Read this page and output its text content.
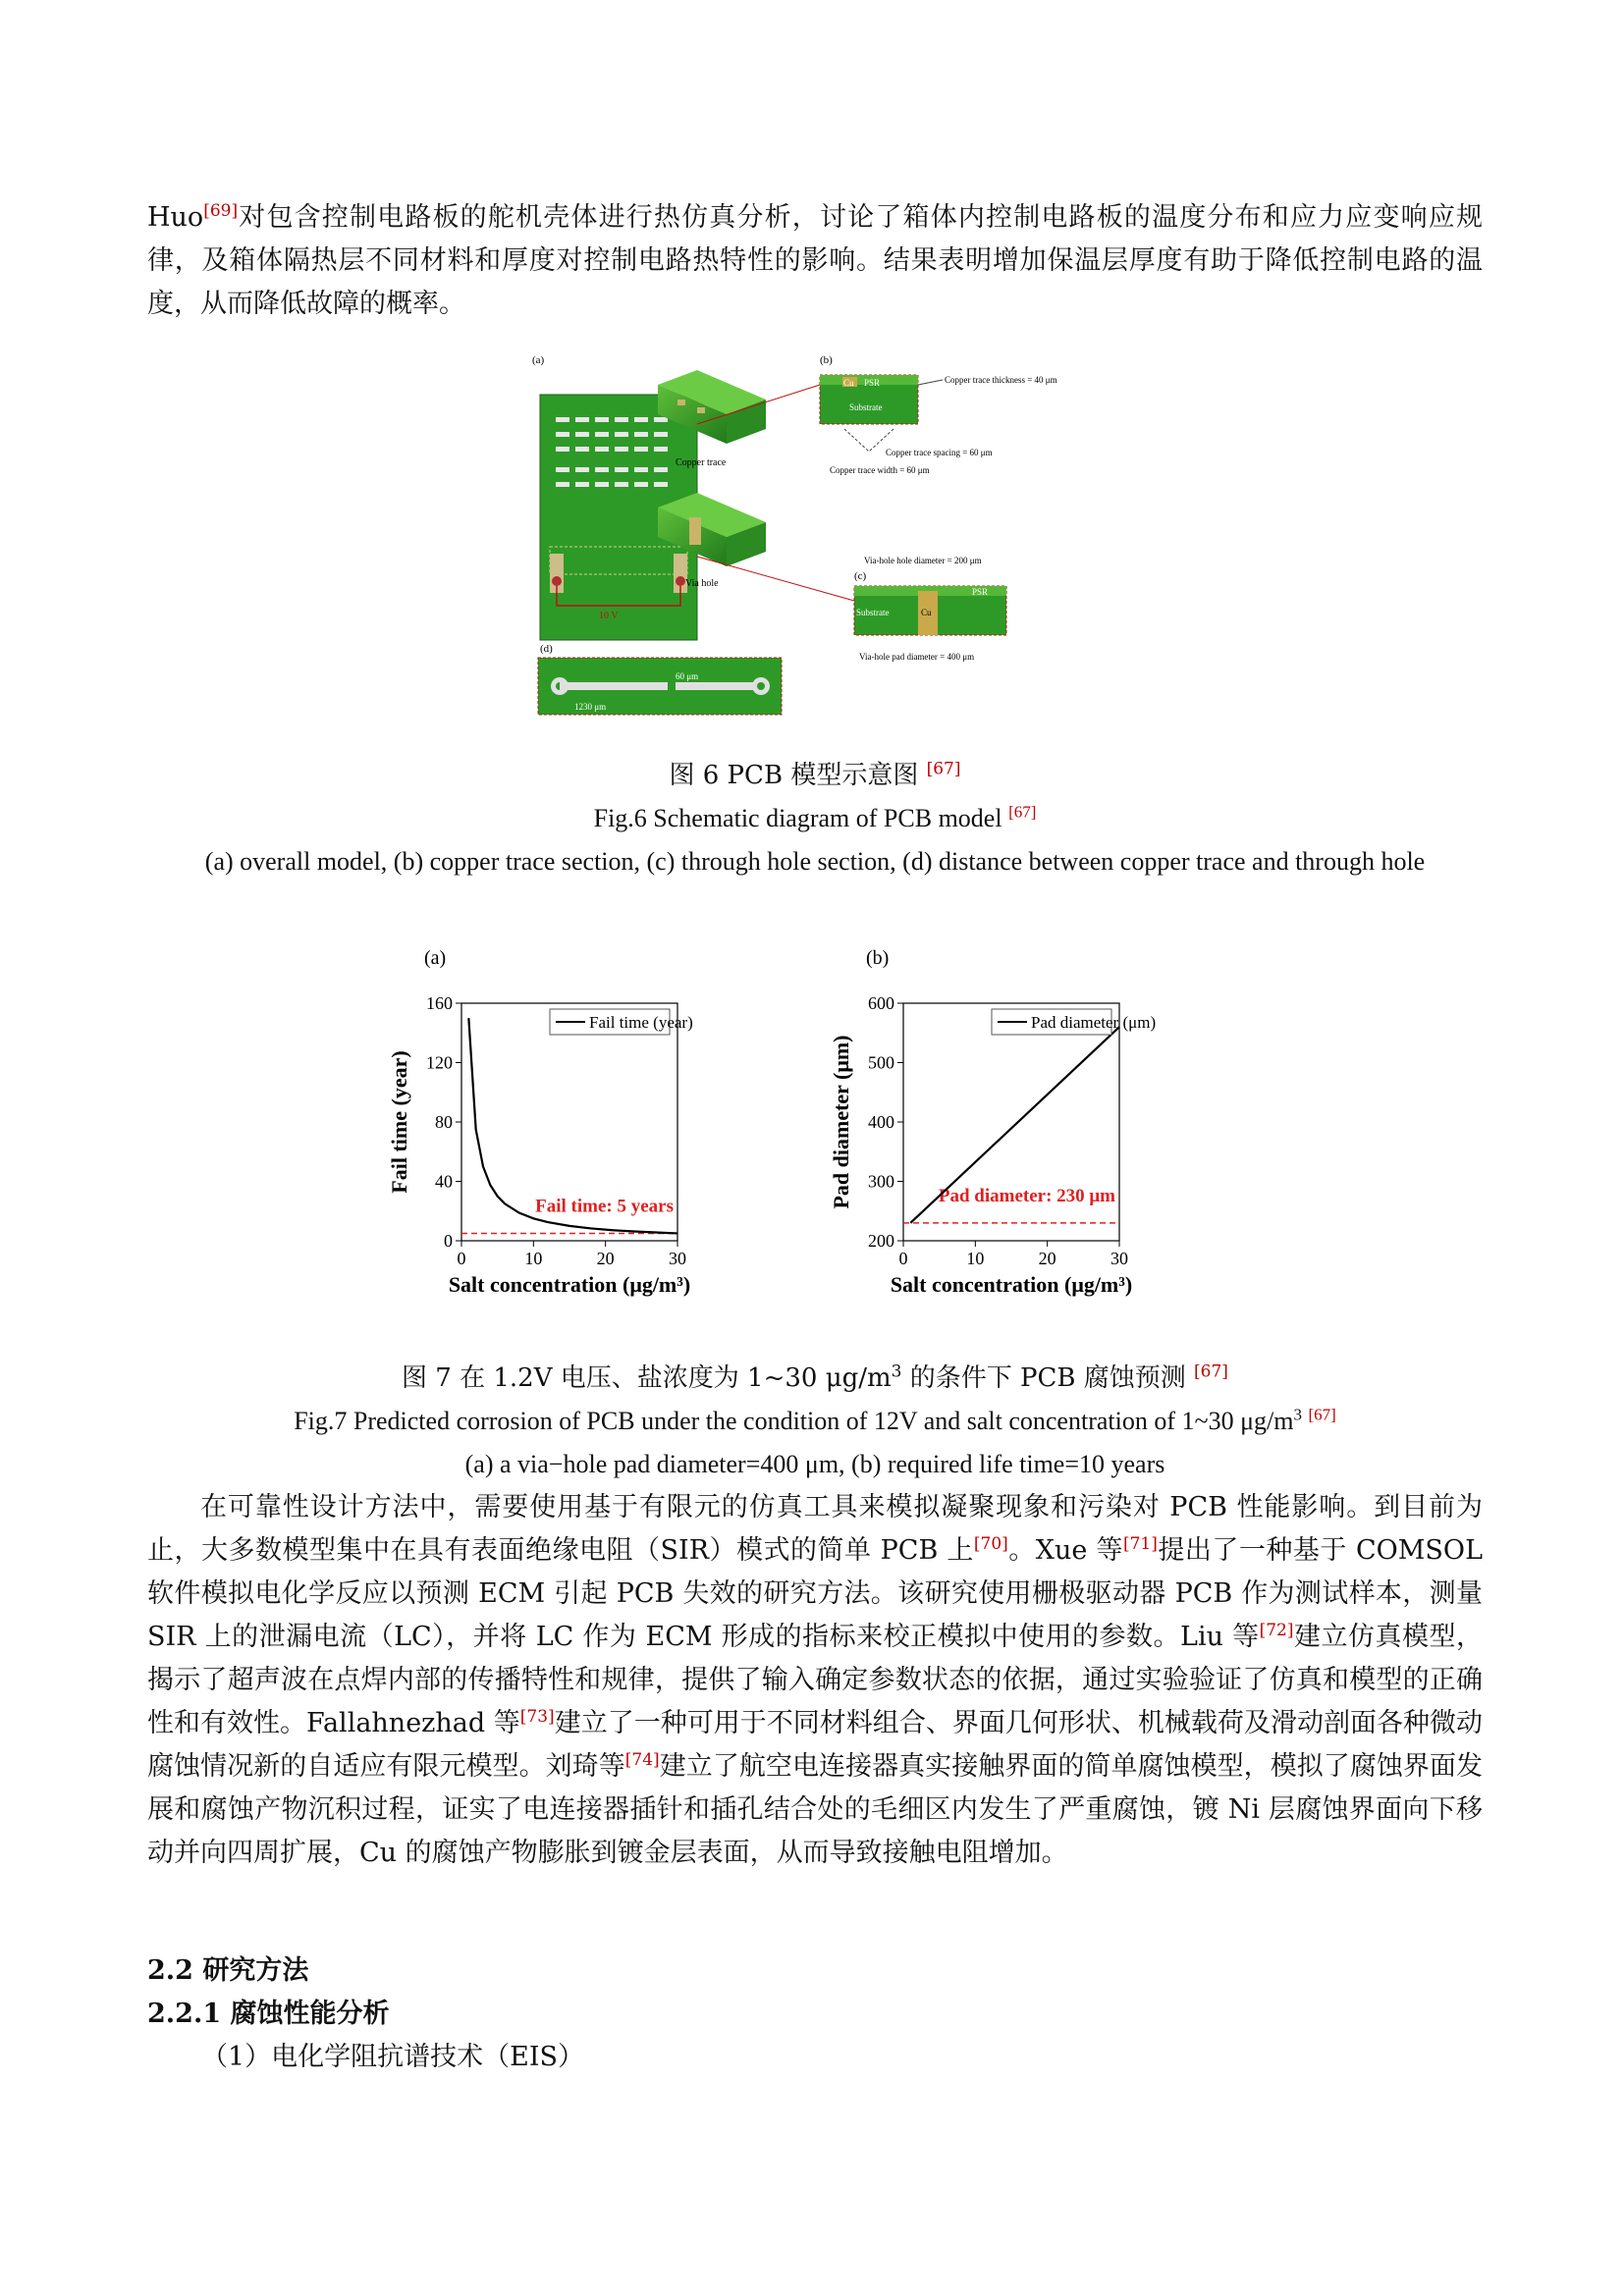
Huo[69]对包含控制电路板的舵机壳体进行热仿真分析，讨论了箱体内控制电路板的温度分布和应力应变响应规律，及箱体隔热层不同材料和厚度对控制电路热特性的影响。结果表明增加保温层厚度有助于降低控制电路的温度，从而降低故障的概率。
(a)	(b)
(c)
(d)
10 V
Copper trace
Cu PSR
Substrate
Copper trace thickness = 40 μm
Copper trace spacing = 60 μm
Copper trace width = 60 μm
Via hole
PSR
Substrate	Cu
Via-hole hole diameter = 200 μm
Via-hole pad diameter = 400 μm
60 μm
1230 μm
图 6 PCB 模型示意图 [67]
Fig.6 Schematic diagram of PCB model [67]
(a) overall model, (b) copper trace section, (c) through hole section, (d) distance between copper trace and through hole
(a)
0	10	20	30
0
40
80
120
160
Salt concentration (μg/m³)
Fail time (year)
Fail time: 5 years
Fail time (year)
(b)
0	10	20	30
200
300
400
500
600
Salt concentration (μg/m³)
Pad diameter (μm)	Pad diameter: 230 μm
Pad diameter (μm)
图 7 在 1.2V 电压、盐浓度为 1~30 $\mu g/m^3$ 的条件下 PCB 腐蚀预测 [67]
Fig.7 Predicted corrosion of PCB under the condition of 12V and salt concentration of 1~30 $\mu g/m^3$ [67]
(a) a via−hole pad diameter=400 μm, (b) required life time=10 years
在可靠性设计方法中，需要使用基于有限元的仿真工具来模拟凝聚现象和污染对 PCB 性能影响。到目前为止，大多数模型集中在具有表面绝缘电阻（SIR）模式的简单 PCB 上[70]。Xue 等[71]提出了一种基于 COMSOL 软件模拟电化学反应以预测 ECM 引起 PCB 失效的研究方法。该研究使用栅极驱动器 PCB 作为测试样本，测量 SIR 上的泄漏电流（LC），并将 LC 作为 ECM 形成的指标来校正模拟中使用的参数。Liu 等[72]建立仿真模型，揭示了超声波在点焊内部的传播特性和规律，提供了输入确定参数状态的依据，通过实验验证了仿真和模型的正确性和有效性。Fallahnezhad 等[73]建立了一种可用于不同材料组合、界面几何形状、机械载荷及滑动剖面各种微动腐蚀情况新的自适应有限元模型。刘琦等[74]建立了航空电连接器真实接触界面的简单腐蚀模型，模拟了腐蚀界面发展和腐蚀产物沉积过程，证实了电连接器插针和插孔结合处的毛细区内发生了严重腐蚀，镀 Ni 层腐蚀界面向下移动并向四周扩展，Cu 的腐蚀产物膨胀到镀金层表面，从而导致接触电阻增加。
2.2 研究方法
2.2.1 腐蚀性能分析
（1）电化学阻抗谱技术（EIS）
